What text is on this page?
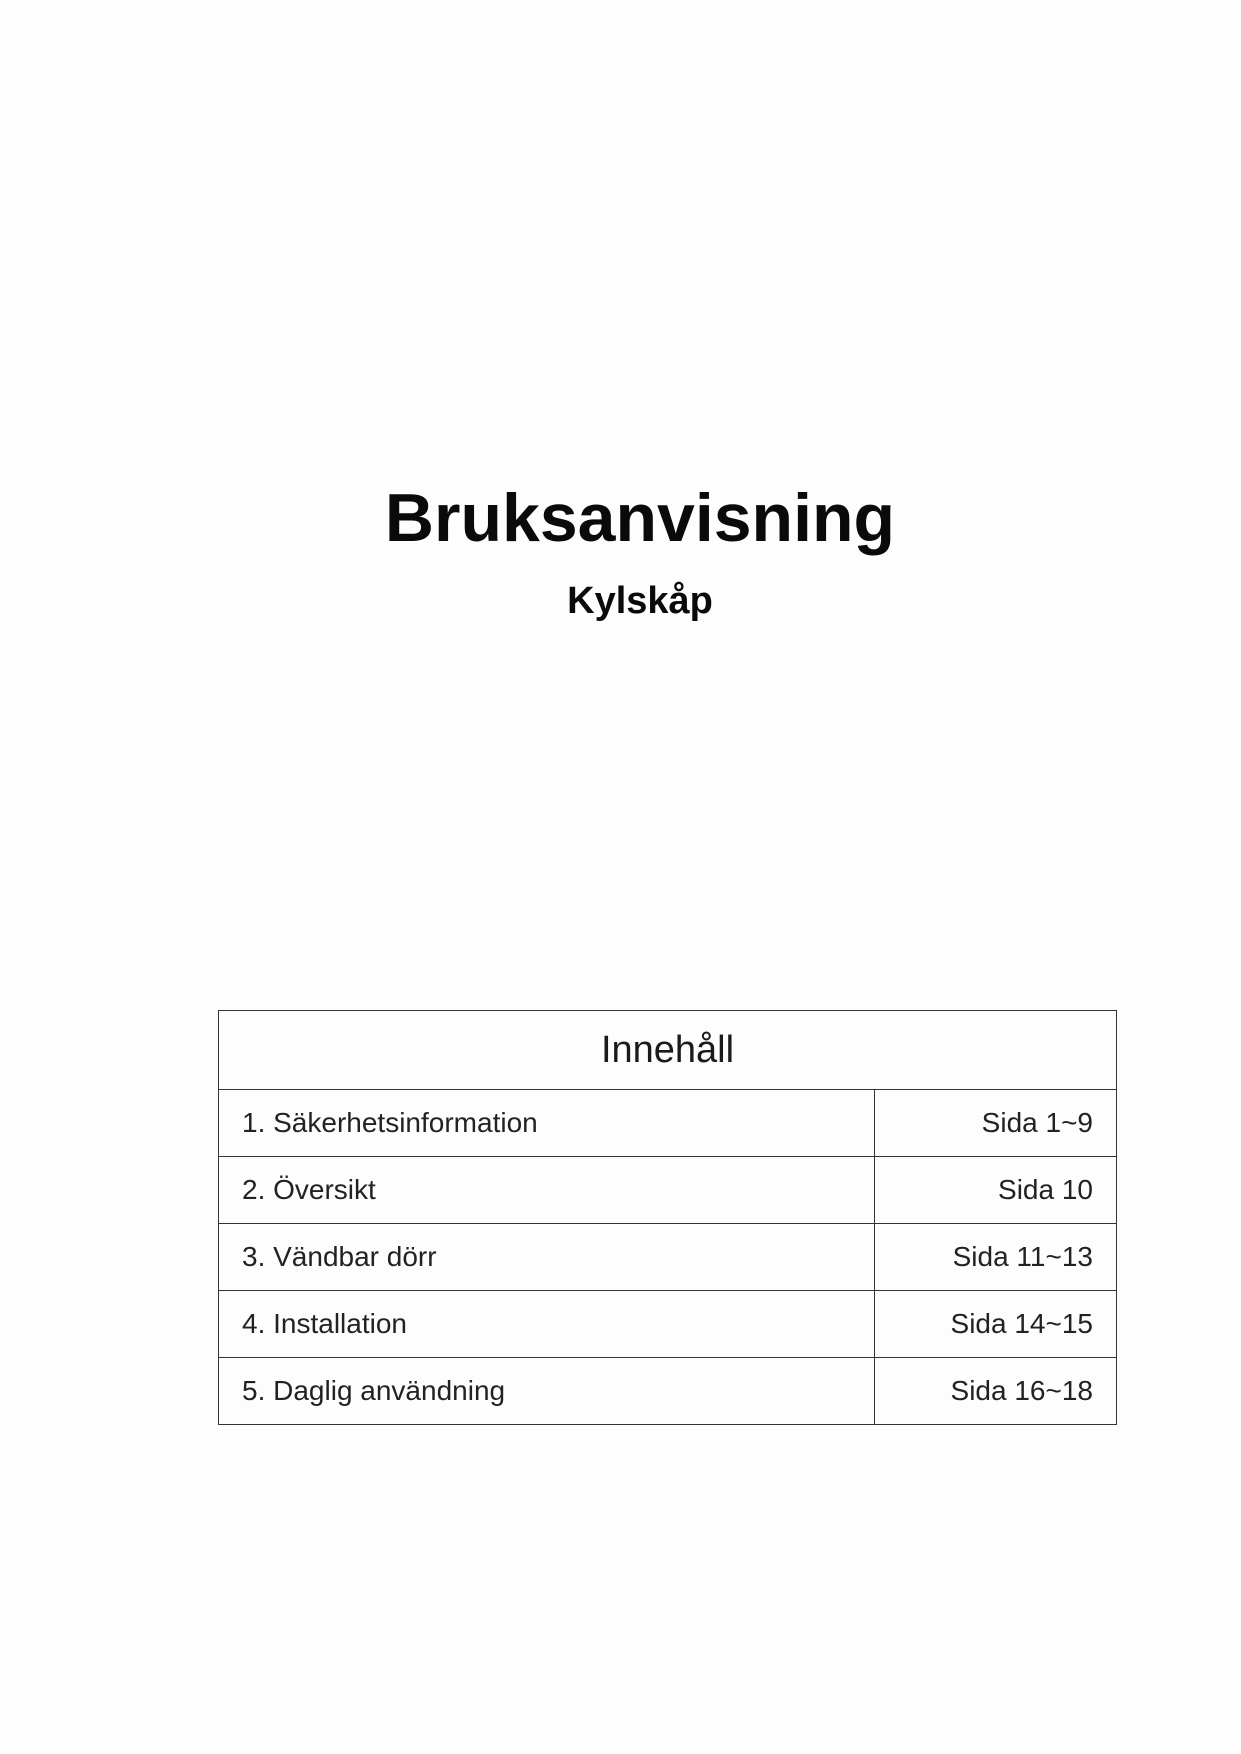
Bruksanvisning
Kylskåp
Innehåll	
1. Säkerhetsinformation	Sida 1~9
2. Översikt	Sida 10
3. Vändbar dörr	Sida 11~13
4. Installation	Sida 14~15
5. Daglig användning	Sida 16~18
